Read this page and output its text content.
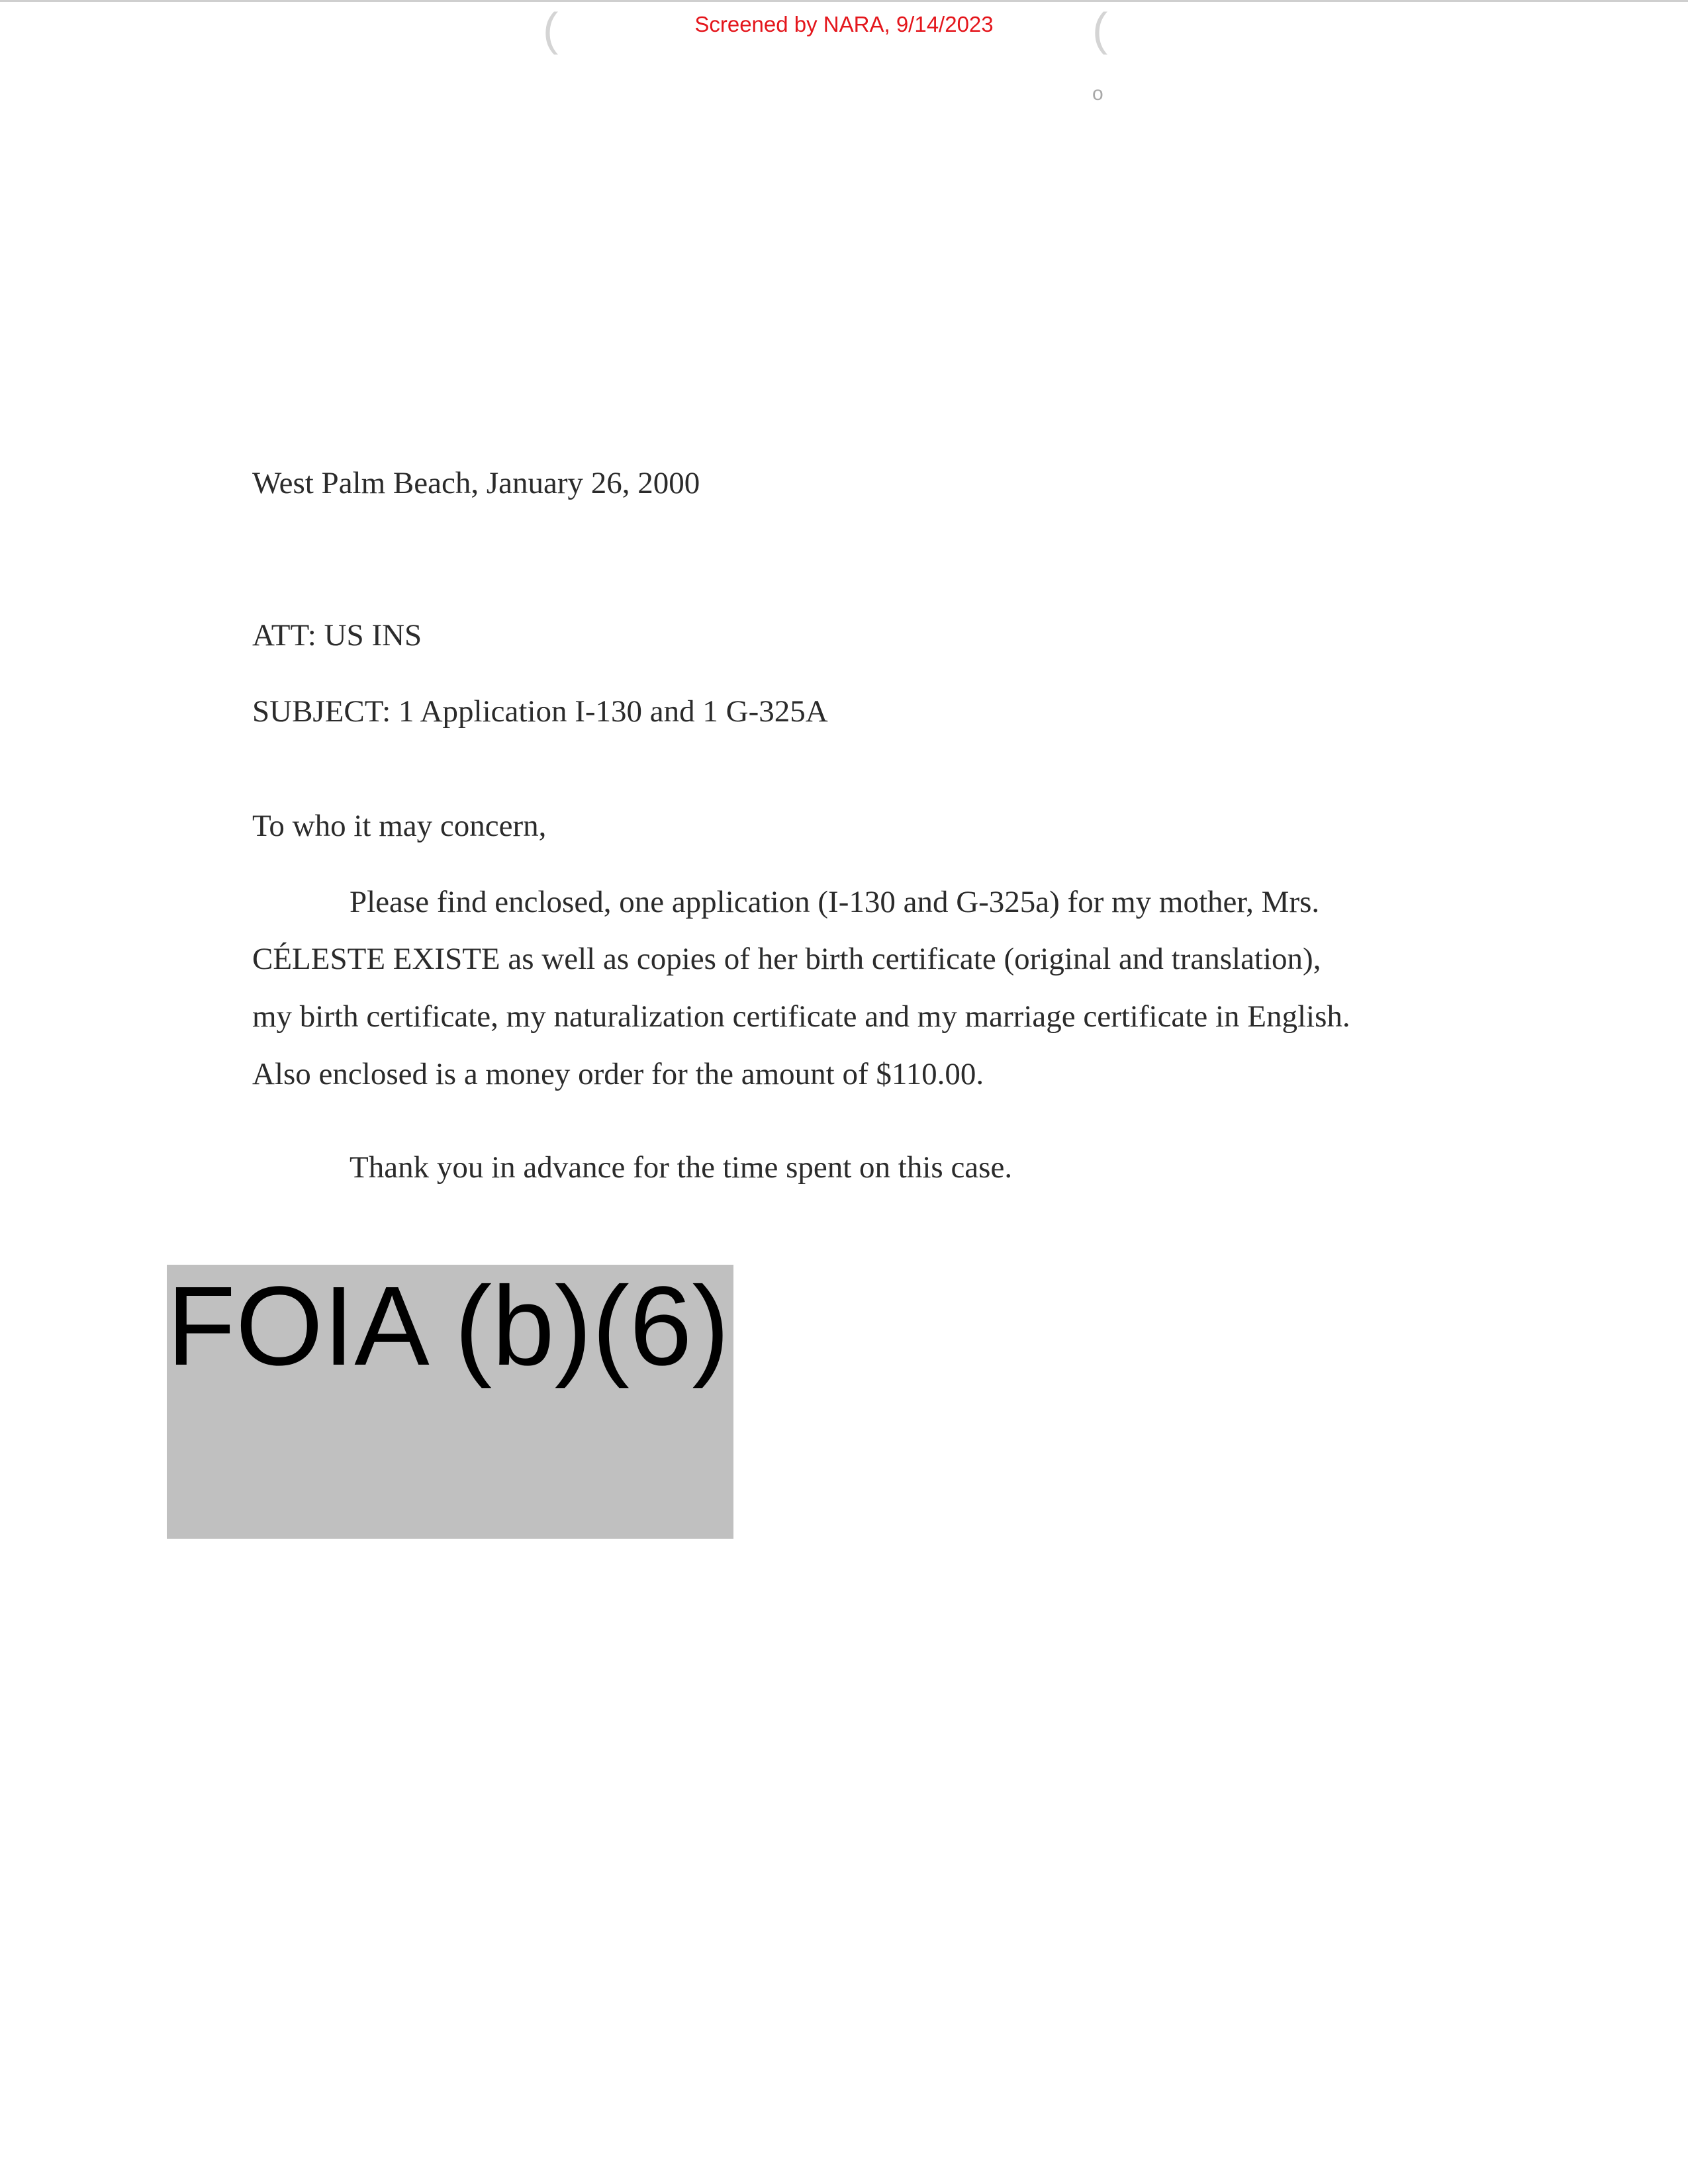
Screened by NARA, 9/14/2023
(	(
o
West Palm Beach, January 26, 2000
ATT: US INS
SUBJECT: 1 Application I-130 and 1 G-325A
To who it may concern,
Please find enclosed, one application (I-130 and G-325a) for my mother, Mrs.
CÉLESTE EXISTE as well as copies of her birth certificate (original and translation),
my birth certificate, my naturalization certificate and my marriage certificate in English.
Also enclosed is a money order for the amount of $110.00.
Thank you in advance for the time spent on this case.
FOIA (b)(6)
